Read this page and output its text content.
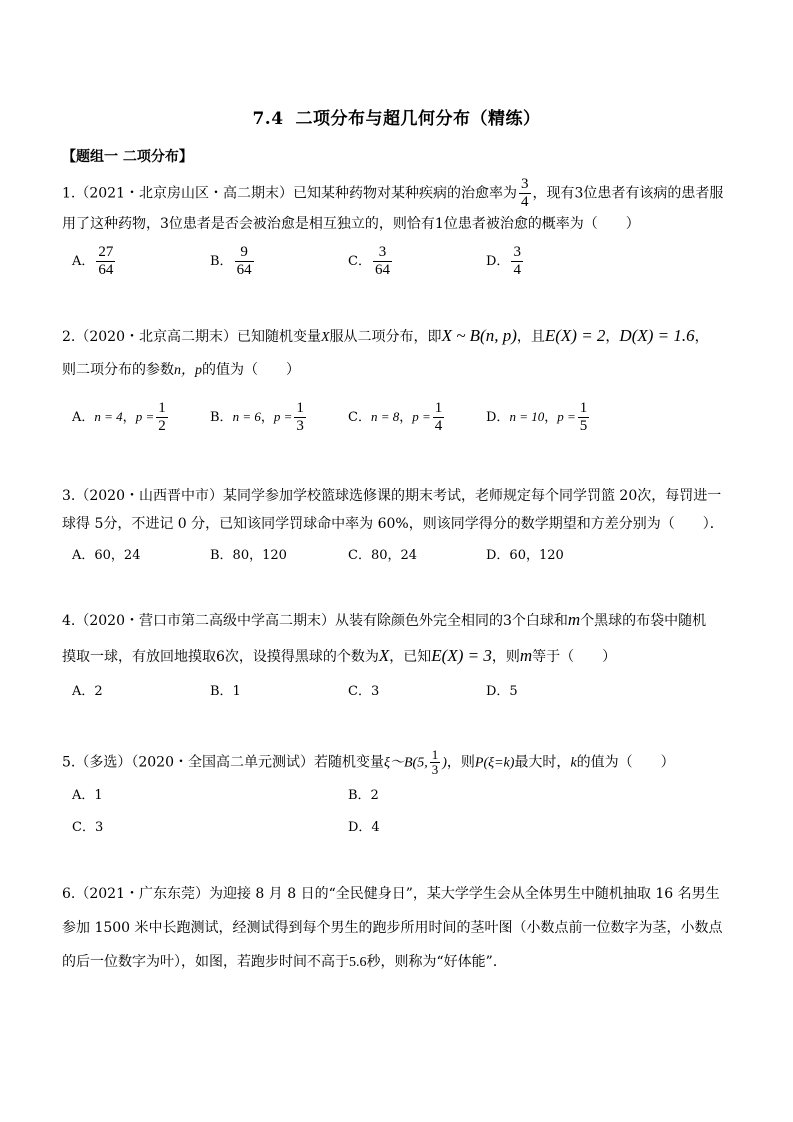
7.4 二项分布与超几何分布（精练）
【题组一 二项分布】
1.（2021・北京房山区・高二期末）已知某种药物对某种疾病的治愈率为 $\frac{3}{4}$ ，现有3位患者有该病的患者服
用了这种药物，3位患者是否会被治愈是相互独立的，则恰有1位患者被治愈的概率为（　　）
A． $\frac{27}{64}$	B． $\frac{9}{64}$	C． $\frac{3}{64}$	D． $\frac{3}{4}$
2.（2020・北京高二期末）已知随机变量X服从二项分布，即X ~ B(n, p)，且E(X) = 2，D(X) = 1.6，
则二项分布的参数n，p的值为（　　）
A．n = 4，$p = \frac{1}{2}$	B．n = 6，$p = \frac{1}{3}$	C．n = 8，$p = \frac{1}{4}$	D．n = 10，$p = \frac{1}{5}$
3.（2020・山西晋中市）某同学参加学校篮球选修课的期末考试，老师规定每个同学罚篮 20次，每罚进一
球得 5分，不进记 0 分，已知该同学罚球命中率为 60%，则该同学得分的数学期望和方差分别为（　　）．
A．60，24	B．80，120	C．80，24	D．60，120
4.（2020・营口市第二高级中学高二期末）从装有除颜色外完全相同的3个白球和m个黑球的布袋中随机
摸取一球，有放回地摸取6次，设摸得黑球的个数为X，已知E(X) = 3，则m等于（　　）
A．2	B．1	C．3	D．5
5.（多选）（2020・全国高二单元测试）若随机变量ξ～B(5, $\frac{1}{3}$ )，则P(ξ=k)最大时，k的值为（　　）
A．1	B．2
C．3	D．4
6.（2021・广东东莞）为迎接 8 月 8 日的“全民健身日”，某大学学生会从全体男生中随机抽取 16 名男生
参加 1500 米中长跑测试，经测试得到每个男生的跑步所用时间的茎叶图（小数点前一位数字为茎，小数点
的后一位数字为叶），如图，若跑步时间不高于5.6秒，则称为“好体能”．
